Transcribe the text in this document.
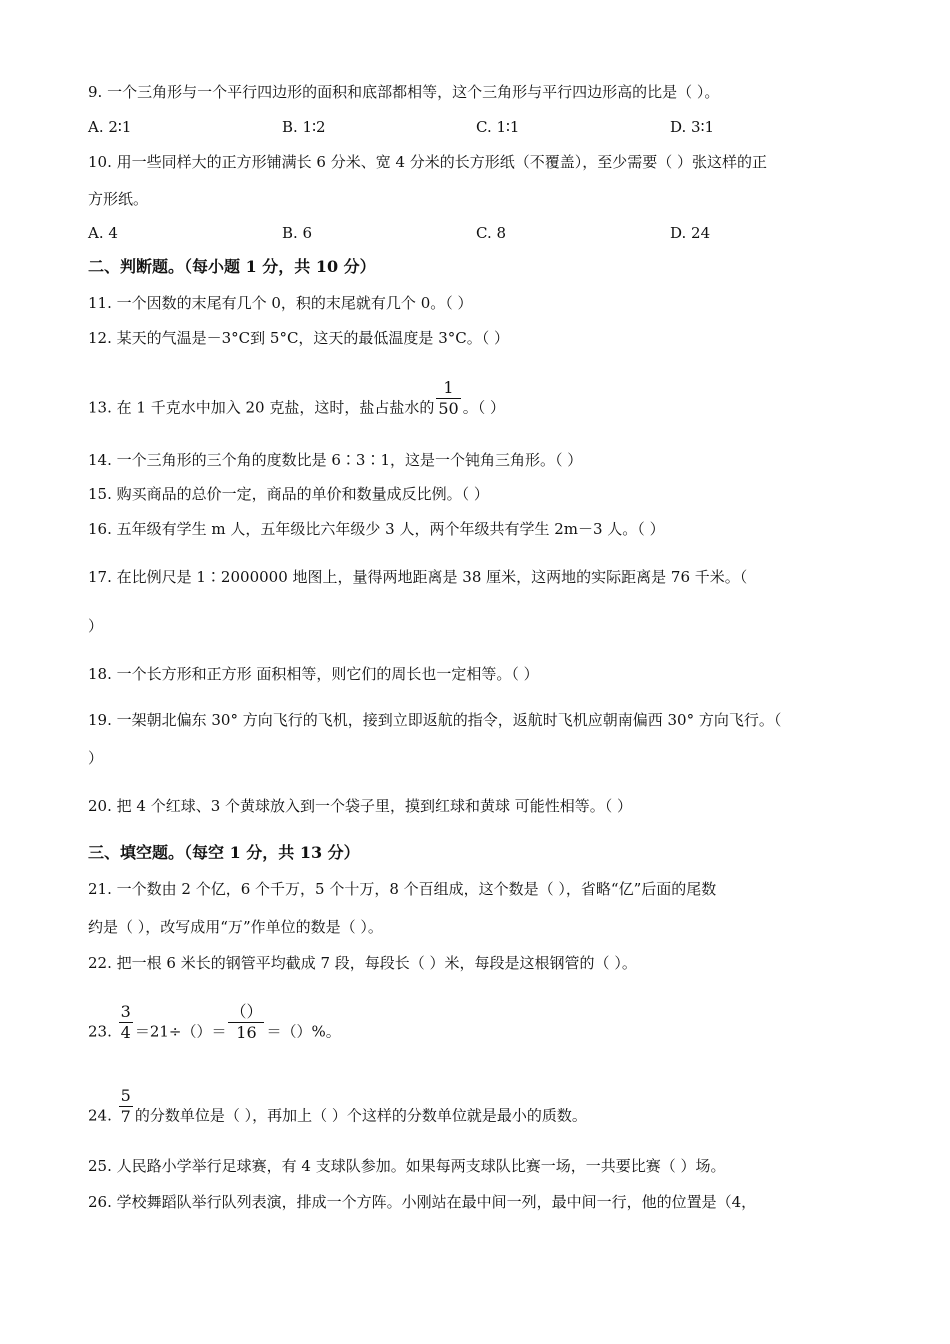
9. 一个三角形与一个平行四边形的面积和底部都相等，这个三角形与平行四边形高的比是（ ）。
A. 2∶1	B. 1∶2	C. 1∶1	D. 3∶1
10. 用一些同样大的正方形铺满长 6 分米、宽 4 分米的长方形纸（不覆盖），至少需要（ ）张这样的正
方形纸。
A. 4	B. 6	C. 8	D. 24
二、判断题。（每小题 1 分，共 10 分）
11. 一个因数的末尾有几个 0，积的末尾就有几个 0。（ ）
12. 某天的气温是－3°C到 5°C，这天的最低温度是 3°C。（ ）
13. 在 1 千克水中加入 20 克盐，这时，盐占盐水的 $\frac{1}{50}$ 。（ ）
14. 一个三角形的三个角的度数比是 6∶3∶1，这是一个钝角三角形。（ ）
15. 购买商品的总价一定，商品的单价和数量成反比例。（ ）
16. 五年级有学生 m 人，五年级比六年级少 3 人，两个年级共有学生 2m－3 人。（ ）
17. 在比例尺是 1∶2000000 地图上，量得两地距离是 38 厘米，这两地的实际距离是 76 千米。（
）
18. 一个长方形和正方形 面积相等，则它们的周长也一定相等。（ ）
19. 一架朝北偏东 30° 方向飞行的飞机，接到立即返航的指令，返航时飞机应朝南偏西 30° 方向飞行。（
）
20. 把 4 个红球、3 个黄球放入到一个袋子里，摸到红球和黄球 可能性相等。（ ）
三、填空题。（每空 1 分，共 13 分）
21. 一个数由 2 个亿，6 个千万，5 个十万，8 个百组成，这个数是（ ），省略“亿”后面的尾数
约是（ ），改写成用“万”作单位的数是（ ）。
22. 把一根 6 米长的钢管平均截成 7 段，每段长（ ）米，每段是这根钢管的（ ）。
23. $\frac{3}{4} =21\div()= \frac{()}{16}$ ＝（）%。
24. $\frac{5}{7}$ 的分数单位是（ ），再加上（ ）个这样的分数单位就是最小的质数。
25. 人民路小学举行足球赛，有 4 支球队参加。如果每两支球队比赛一场，一共要比赛（ ）场。
26. 学校舞蹈队举行队列表演，排成一个方阵。小刚站在最中间一列，最中间一行，他的位置是（4，
